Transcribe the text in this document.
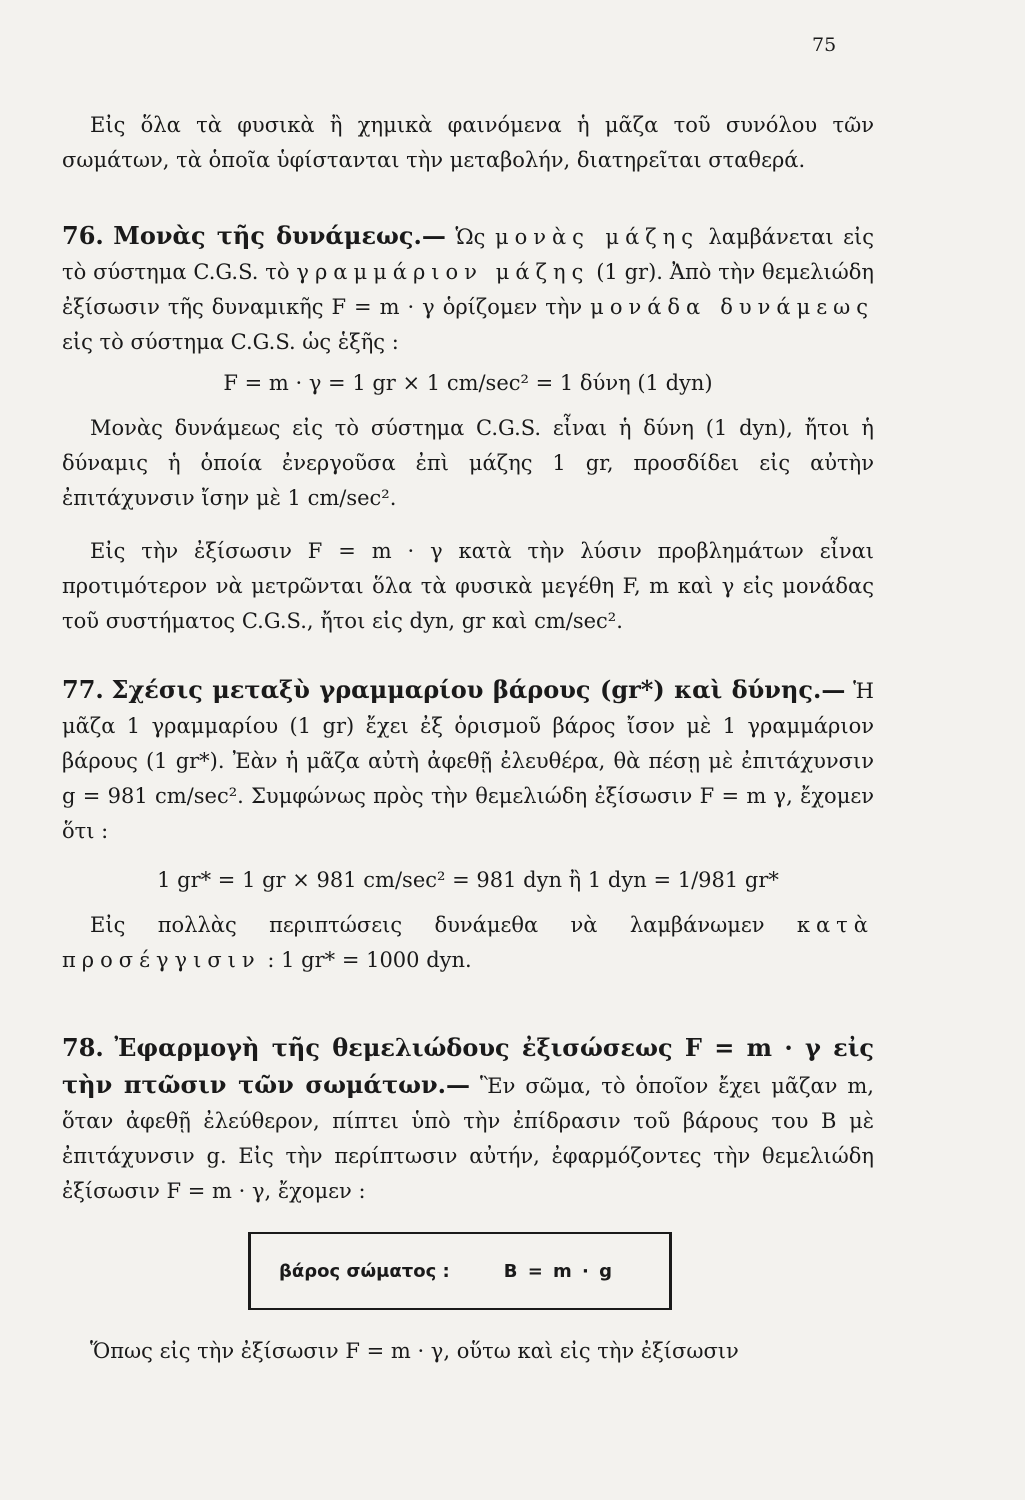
75

Εἰς ὅλα τὰ φυσικὰ ἢ χημικὰ φαινόμενα ἡ μᾶζα τοῦ συνόλου τῶν σωμάτων, τὰ ὁποῖα ὑφίστανται τὴν μεταβολήν, διατηρεῖται σταθερά.

76. Μονὰς τῆς δυνάμεως.— Ὡς μονὰς μάζης λαμβάνεται εἰς τὸ σύστημα C.G.S. τὸ γραμμάριον μάζης (1 gr). Ἀπὸ τὴν θεμελιώδη ἐξίσωσιν τῆς δυναμικῆς F = m · γ ὁρίζομεν τὴν μονάδα δυνάμεως εἰς τὸ σύστημα C.G.S. ὡς ἑξῆς :

F = m · γ = 1 gr × 1 cm/sec² = 1 δύνη (1 dyn)

Μονὰς δυνάμεως εἰς τὸ σύστημα C.G.S. εἶναι ἡ δύνη (1 dyn), ἤτοι ἡ δύναμις ἡ ὁποία ἐνεργοῦσα ἐπὶ μάζης 1 gr, προσδίδει εἰς αὐτὴν ἐπιτάχυνσιν ἴσην μὲ 1 cm/sec².

Εἰς τὴν ἐξίσωσιν F = m · γ κατὰ τὴν λύσιν προβλημάτων εἶναι προτιμότερον νὰ μετρῶνται ὅλα τὰ φυσικὰ μεγέθη F, m καὶ γ εἰς μονάδας τοῦ συστήματος C.G.S., ἤτοι εἰς dyn, gr καὶ cm/sec².

77. Σχέσις μεταξὺ γραμμαρίου βάρους (gr*) καὶ δύνης.— Ἡ μᾶζα 1 γραμμαρίου (1 gr) ἔχει ἐξ ὁρισμοῦ βάρος ἴσον μὲ 1 γραμμάριον βάρους (1 gr*). Ἐὰν ἡ μᾶζα αὐτὴ ἀφεθῇ ἐλευθέρα, θὰ πέσῃ μὲ ἐπιτάχυνσιν g = 981 cm/sec². Συμφώνως πρὸς τὴν θεμελιώδη ἐξίσωσιν F = m γ, ἔχομεν ὅτι :

1 gr* = 1 gr × 981 cm/sec² = 981 dyn ἢ 1 dyn = 1/981 gr*

Εἰς πολλὰς περιπτώσεις δυνάμεθα νὰ λαμβάνωμεν κατὰ προσέγγισιν : 1 gr* = 1000 dyn.

78. Ἐφαρμογὴ τῆς θεμελιώδους ἐξισώσεως F = m · γ εἰς τὴν πτῶσιν τῶν σωμάτων.— Ἓν σῶμα, τὸ ὁποῖον ἔχει μᾶζαν m, ὅταν ἀφεθῇ ἐλεύθερον, πίπτει ὑπὸ τὴν ἐπίδρασιν τοῦ βάρους του B μὲ ἐπιτάχυνσιν g. Εἰς τὴν περίπτωσιν αὐτήν, ἐφαρμόζοντες τὴν θεμελιώδη ἐξίσωσιν F = m · γ, ἔχομεν :

βάρος σώματος :	B = m · g

Ὅπως εἰς τὴν ἐξίσωσιν F = m · γ, οὕτω καὶ εἰς τὴν ἐξίσωσιν
